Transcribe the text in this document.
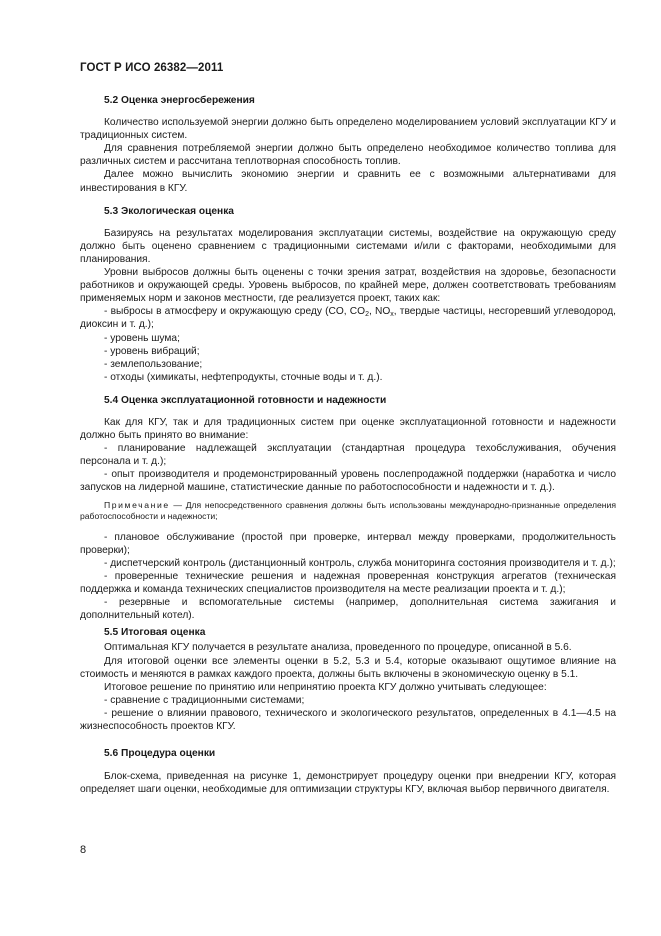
ГОСТ Р ИСО 26382—2011
5.2 Оценка энергосбережения

Количество используемой энергии должно быть определено моделированием условий эксплуатации КГУ и традиционных систем.

Для сравнения потребляемой энергии должно быть определено необходимое количество топлива для различных систем и рассчитана теплотворная способность топлив.

Далее можно вычислить экономию энергии и сравнить ее с возможными альтернативами для инвестирования в КГУ.

5.3 Экологическая оценка

Базируясь на результатах моделирования эксплуатации системы, воздействие на окружающую среду должно быть оценено сравнением с традиционными системами и/или с факторами, необходимыми для планирования.

Уровни выбросов должны быть оценены с точки зрения затрат, воздействия на здоровье, безопасности работников и окружающей среды. Уровень выбросов, по крайней мере, должен соответствовать требованиям применяемых норм и законов местности, где реализуется проект, таких как:

- выбросы в атмосферу и окружающую среду (CO, $CO_2$, $NO_x$, твердые частицы, несгоревший углеводород, диоксин и т. д.);

- уровень шума;

- уровень вибраций;

- землепользование;

- отходы (химикаты, нефтепродукты, сточные воды и т. д.).

5.4 Оценка эксплуатационной готовности и надежности

Как для КГУ, так и для традиционных систем при оценке эксплуатационной готовности и надежности должно быть принято во внимание:

- планирование надлежащей эксплуатации (стандартная процедура техобслуживания, обучения персонала и т. д.);

- опыт производителя и продемонстрированный уровень послепродажной поддержки (наработка и число запусков на лидерной машине, статистические данные по работоспособности и надежности и т. д.).

Примечание — Для непосредственного сравнения должны быть использованы международно-признанные определения работоспособности и надежности;

- плановое обслуживание (простой при проверке, интервал между проверками, продолжительность проверки);

- диспетчерский контроль (дистанционный контроль, служба мониторинга состояния производителя и т. д.);

- проверенные технические решения и надежная проверенная конструкция агрегатов (техническая поддержка и команда технических специалистов производителя на месте реализации проекта и т. д.);

- резервные и вспомогательные системы (например, дополнительная система зажигания и дополнительный котел).

5.5 Итоговая оценка

Оптимальная КГУ получается в результате анализа, проведенного по процедуре, описанной в 5.6.

Для итоговой оценки все элементы оценки в 5.2, 5.3 и 5.4, которые оказывают ощутимое влияние на стоимость и меняются в рамках каждого проекта, должны быть включены в экономическую оценку в 5.1.

Итоговое решение по принятию или непринятию проекта КГУ должно учитывать следующее:

- сравнение с традиционными системами;

- решение о влиянии правового, технического и экологического результатов, определенных в 4.1—4.5 на жизнеспособность проектов КГУ.

5.6 Процедура оценки

Блок-схема, приведенная на рисунке 1, демонстрирует процедуру оценки при внедрении КГУ, которая определяет шаги оценки, необходимые для оптимизации структуры КГУ, включая выбор первичного двигателя.

8
